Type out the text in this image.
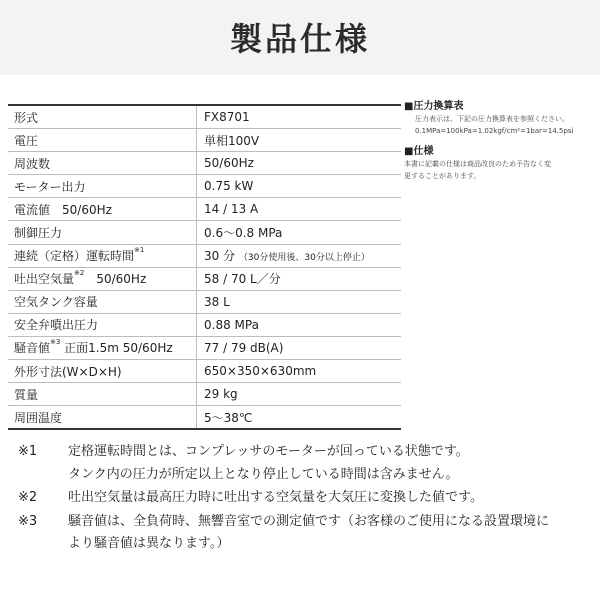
製品仕様
形式	FX8701
電圧	単相100V
周波数	50/60Hz
モーター出力	0.75 kW
電流値　50/60Hz	14 / 13 A
制御圧力	0.6～0.8 MPa
連続（定格）運転時間$^{※1}$	30 分 （30分使用後、30分以上停止）
吐出空気量$^{※2}$　50/60Hz	58 / 70 L／分
空気タンク容量	38 L
安全弁噴出圧力	0.88 MPa
騒音値$^{※3}$ 正面1.5m 50/60Hz	77 / 79 dB(A)
外形寸法(W×D×H)	650×350×630mm
質量	29 kg
周囲温度	5～38℃
■圧力換算表

圧力表示は、下記の圧力換算表を参照ください。

0.1MPa=100kPa=1.02kgf/cm²=1bar=14.5psi

■仕様

本書に記載の仕様は商品改良のため予告なく変

更することがあります。

※1	定格運転時間とは、コンプレッサのモーターが回っている状態です。
タンク内の圧力が所定以上となり停止している時間は含みません。
※2	吐出空気量は最高圧力時に吐出する空気量を大気圧に変換した値です。
※3	騒音値は、全負荷時、無響音室での測定値です（お客様のご使用になる設置環境に
より騒音値は異なります。）
